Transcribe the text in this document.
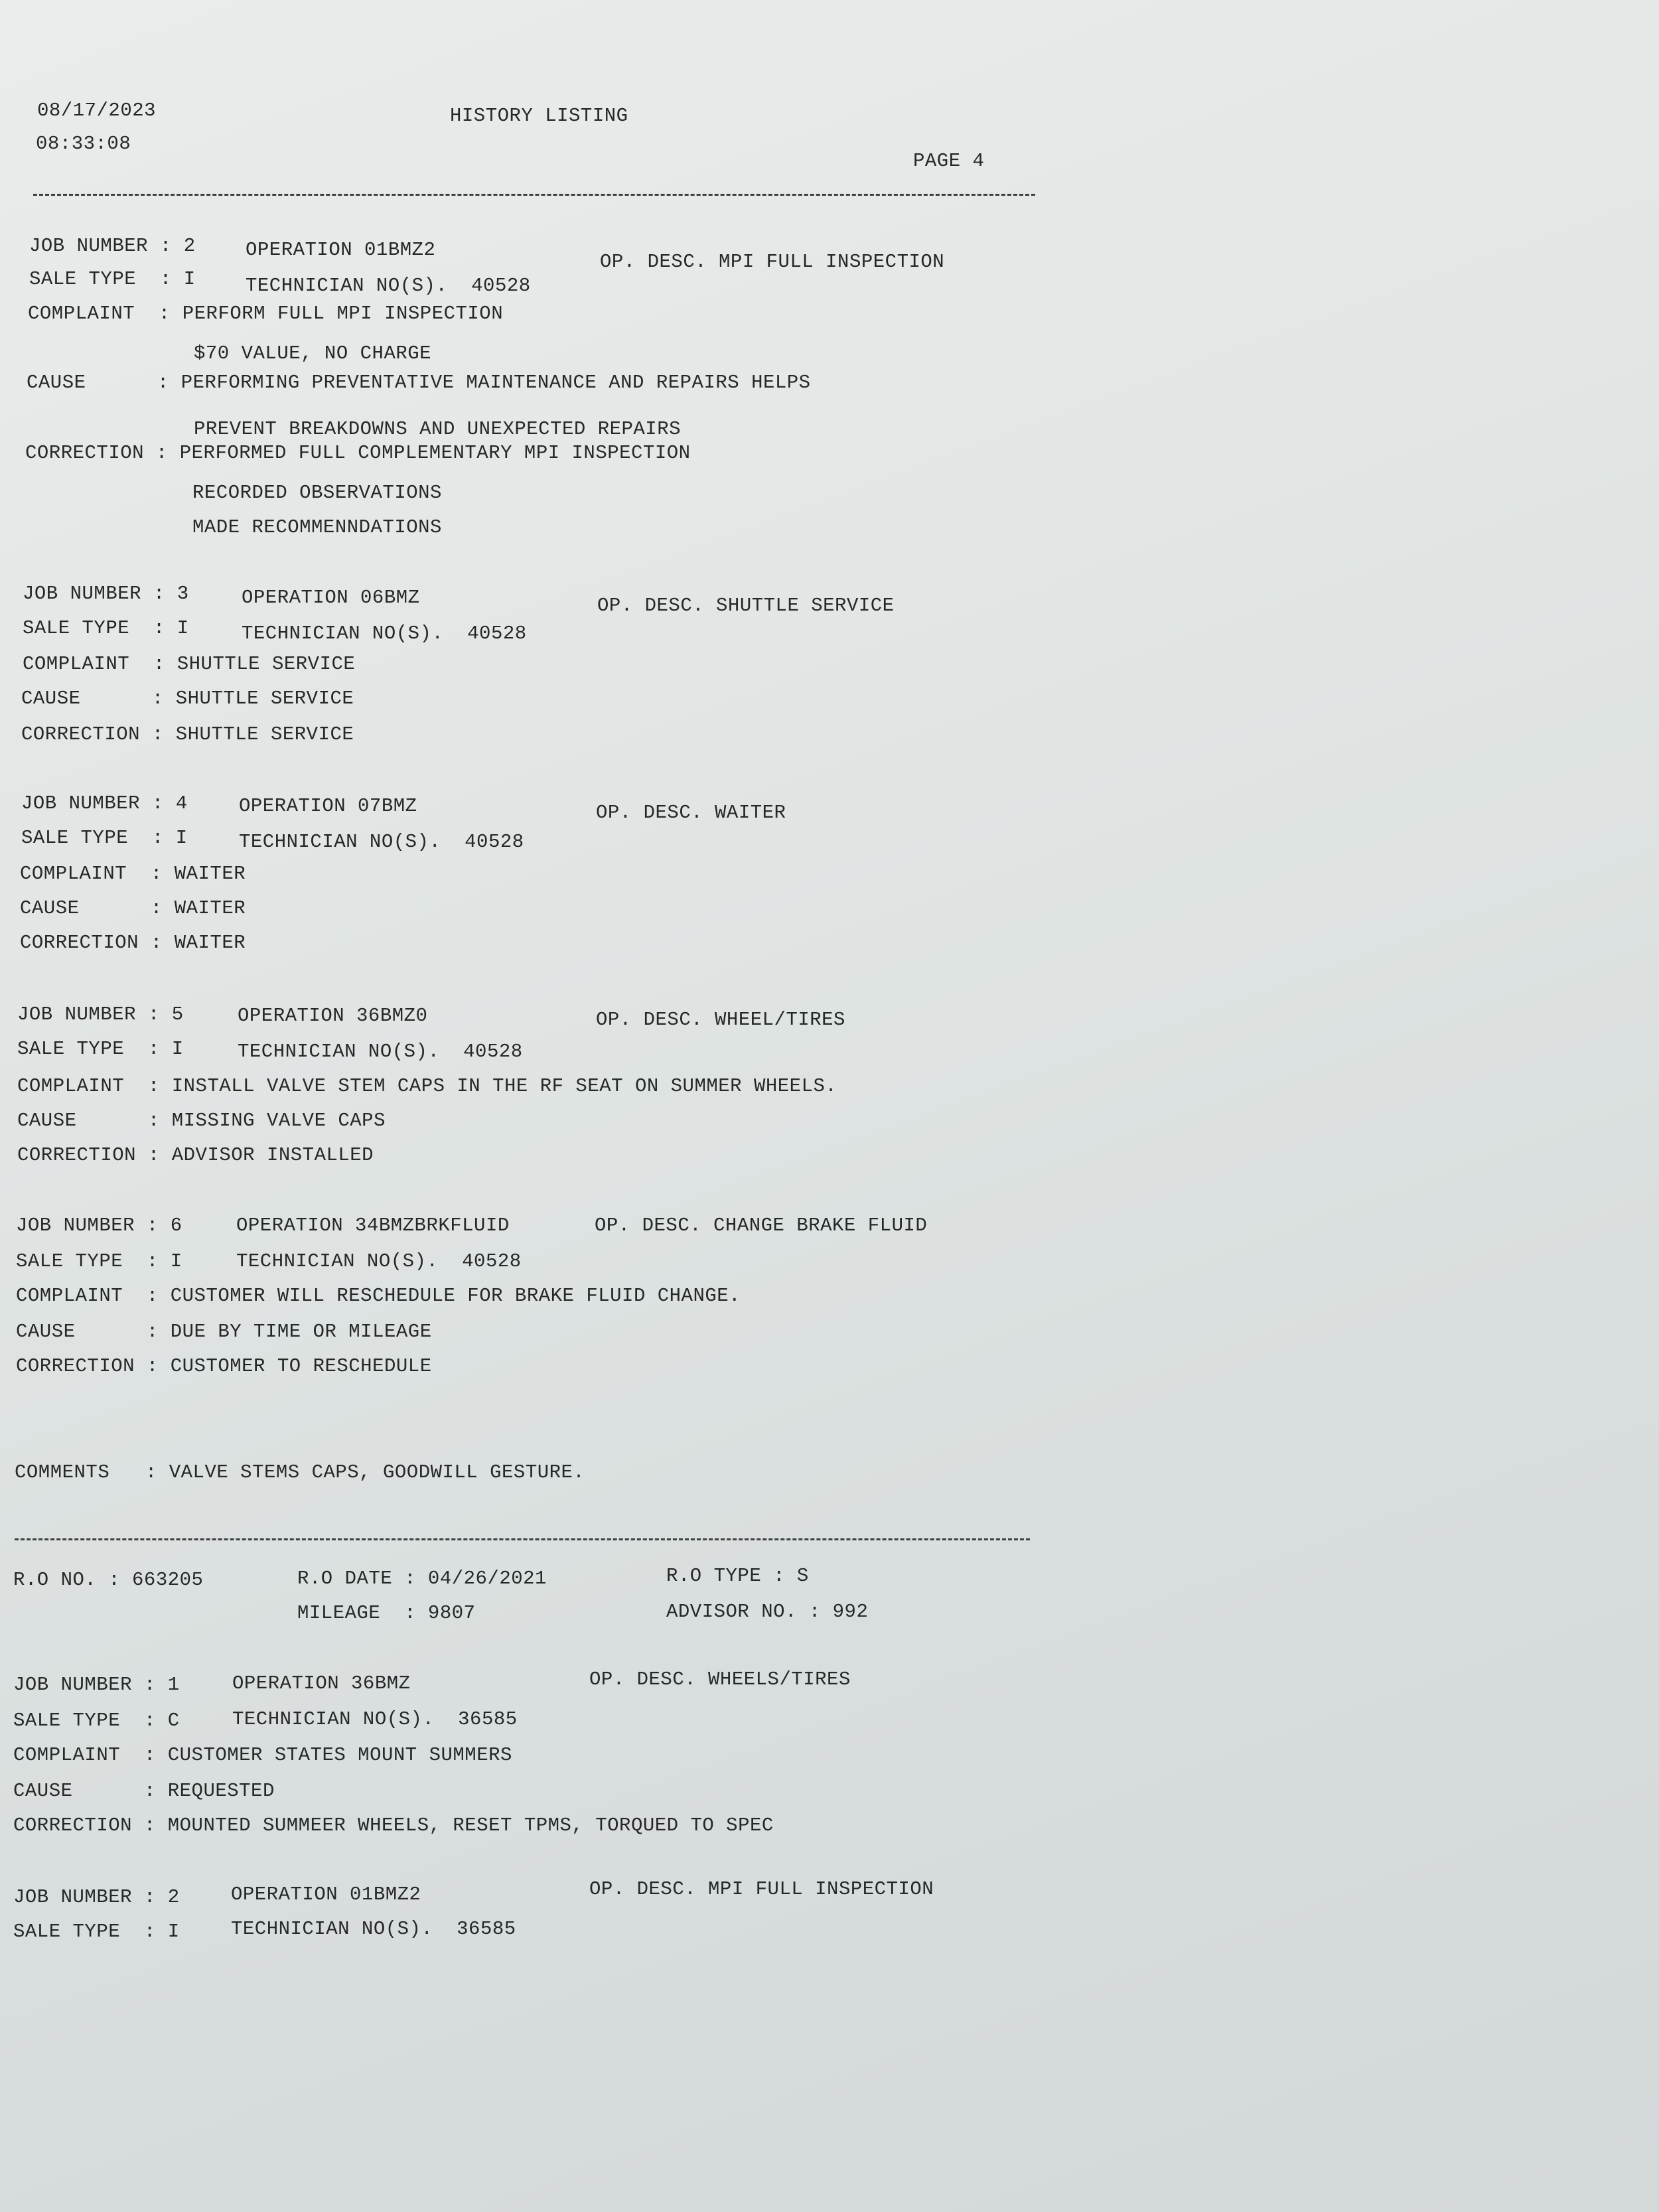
08/17/2023
08:33:08
HISTORY LISTING
PAGE 4
JOB NUMBER : 2	OPERATION 01BMZ2
OP. DESC. MPI FULL INSPECTION
SALE TYPE  : I	TECHNICIAN NO(S).  40528
COMPLAINT  : PERFORM FULL MPI INSPECTION
$70 VALUE, NO CHARGE
CAUSE      : PERFORMING PREVENTATIVE MAINTENANCE AND REPAIRS HELPS
PREVENT BREAKDOWNS AND UNEXPECTED REPAIRS
CORRECTION : PERFORMED FULL COMPLEMENTARY MPI INSPECTION
RECORDED OBSERVATIONS
MADE RECOMMENNDATIONS
JOB NUMBER : 3	OPERATION 06BMZ	OP. DESC. SHUTTLE SERVICE
SALE TYPE  : I	TECHNICIAN NO(S).  40528
COMPLAINT  : SHUTTLE SERVICE
CAUSE      : SHUTTLE SERVICE
CORRECTION : SHUTTLE SERVICE
JOB NUMBER : 4	OPERATION 07BMZ	OP. DESC. WAITER
SALE TYPE  : I	TECHNICIAN NO(S).  40528
COMPLAINT  : WAITER
CAUSE      : WAITER
CORRECTION : WAITER
JOB NUMBER : 5	OPERATION 36BMZ0	OP. DESC. WHEEL/TIRES
SALE TYPE  : I	TECHNICIAN NO(S).  40528
COMPLAINT  : INSTALL VALVE STEM CAPS IN THE RF SEAT ON SUMMER WHEELS.
CAUSE      : MISSING VALVE CAPS
CORRECTION : ADVISOR INSTALLED
JOB NUMBER : 6	OPERATION 34BMZBRKFLUID	OP. DESC. CHANGE BRAKE FLUID
SALE TYPE  : I	TECHNICIAN NO(S).  40528
COMPLAINT  : CUSTOMER WILL RESCHEDULE FOR BRAKE FLUID CHANGE.
CAUSE      : DUE BY TIME OR MILEAGE
CORRECTION : CUSTOMER TO RESCHEDULE
COMMENTS   : VALVE STEMS CAPS, GOODWILL GESTURE.
R.O NO. : 663205	R.O DATE : 04/26/2021	R.O TYPE : S
MILEAGE  : 9807	ADVISOR NO. : 992
JOB NUMBER : 1	OPERATION 36BMZ	OP. DESC. WHEELS/TIRES
SALE TYPE  : C	TECHNICIAN NO(S).  36585
COMPLAINT  : CUSTOMER STATES MOUNT SUMMERS
CAUSE      : REQUESTED
CORRECTION : MOUNTED SUMMEER WHEELS, RESET TPMS, TORQUED TO SPEC
JOB NUMBER : 2	OPERATION 01BMZ2	OP. DESC. MPI FULL INSPECTION
SALE TYPE  : I	TECHNICIAN NO(S).  36585
